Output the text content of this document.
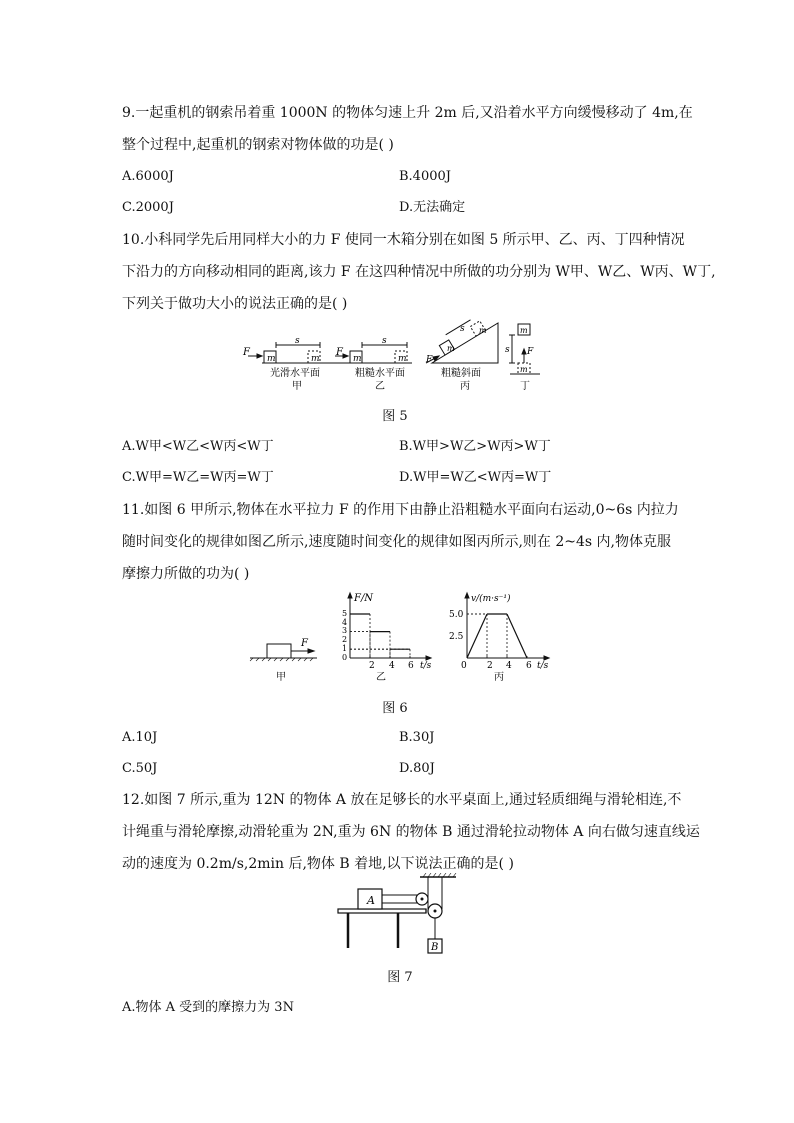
9.一起重机的钢索吊着重 1000N 的物体匀速上升 2m 后,又沿着水平方向缓慢移动了 4m,在
整个过程中,起重机的钢索对物体做的功是( )
A.6000J	B.4000J
C.2000J	D.无法确定
10.小科同学先后用同样大小的力 F 使同一木箱分别在如图 5 所示甲、乙、丙、丁四种情况
下沿力的方向移动相同的距离,该力 F 在这四种情况中所做的功分别为 W甲、W乙、W丙、W丁,
下列关于做功大小的说法正确的是( )
F
m	m
s
光滑水平面
甲
F
m	m
s
粗糙水平面
乙
F
m
m
s
粗糙斜面
丙
m
m
s F
丁
图 5
A.W甲<W乙<W丙<W丁	B.W甲>W乙>W丙>W丁
C.W甲=W乙=W丙=W丁	D.W甲=W乙<W丙=W丁
11.如图 6 甲所示,物体在水平拉力 F 的作用下由静止沿粗糙水平面向右运动,0~6s 内拉力
随时间变化的规律如图乙所示,速度随时间变化的规律如图丙所示,则在 2~4s 内,物体克服
摩擦力所做的功为( )
F
甲
F/N
5
4
3
2
1
0
2 4 6 t/s
乙
v/(m·s⁻¹)
5.0
2.5
0 2 4 6 t/s
丙
图 6
A.10J	B.30J
C.50J	D.80J
12.如图 7 所示,重为 12N 的物体 A 放在足够长的水平桌面上,通过轻质细绳与滑轮相连,不
计绳重与滑轮摩擦,动滑轮重为 2N,重为 6N 的物体 B 通过滑轮拉动物体 A 向右做匀速直线运
动的速度为 0.2m/s,2min 后,物体 B 着地,以下说法正确的是( )
A
B
图 7
A.物体 A 受到的摩擦力为 3N
